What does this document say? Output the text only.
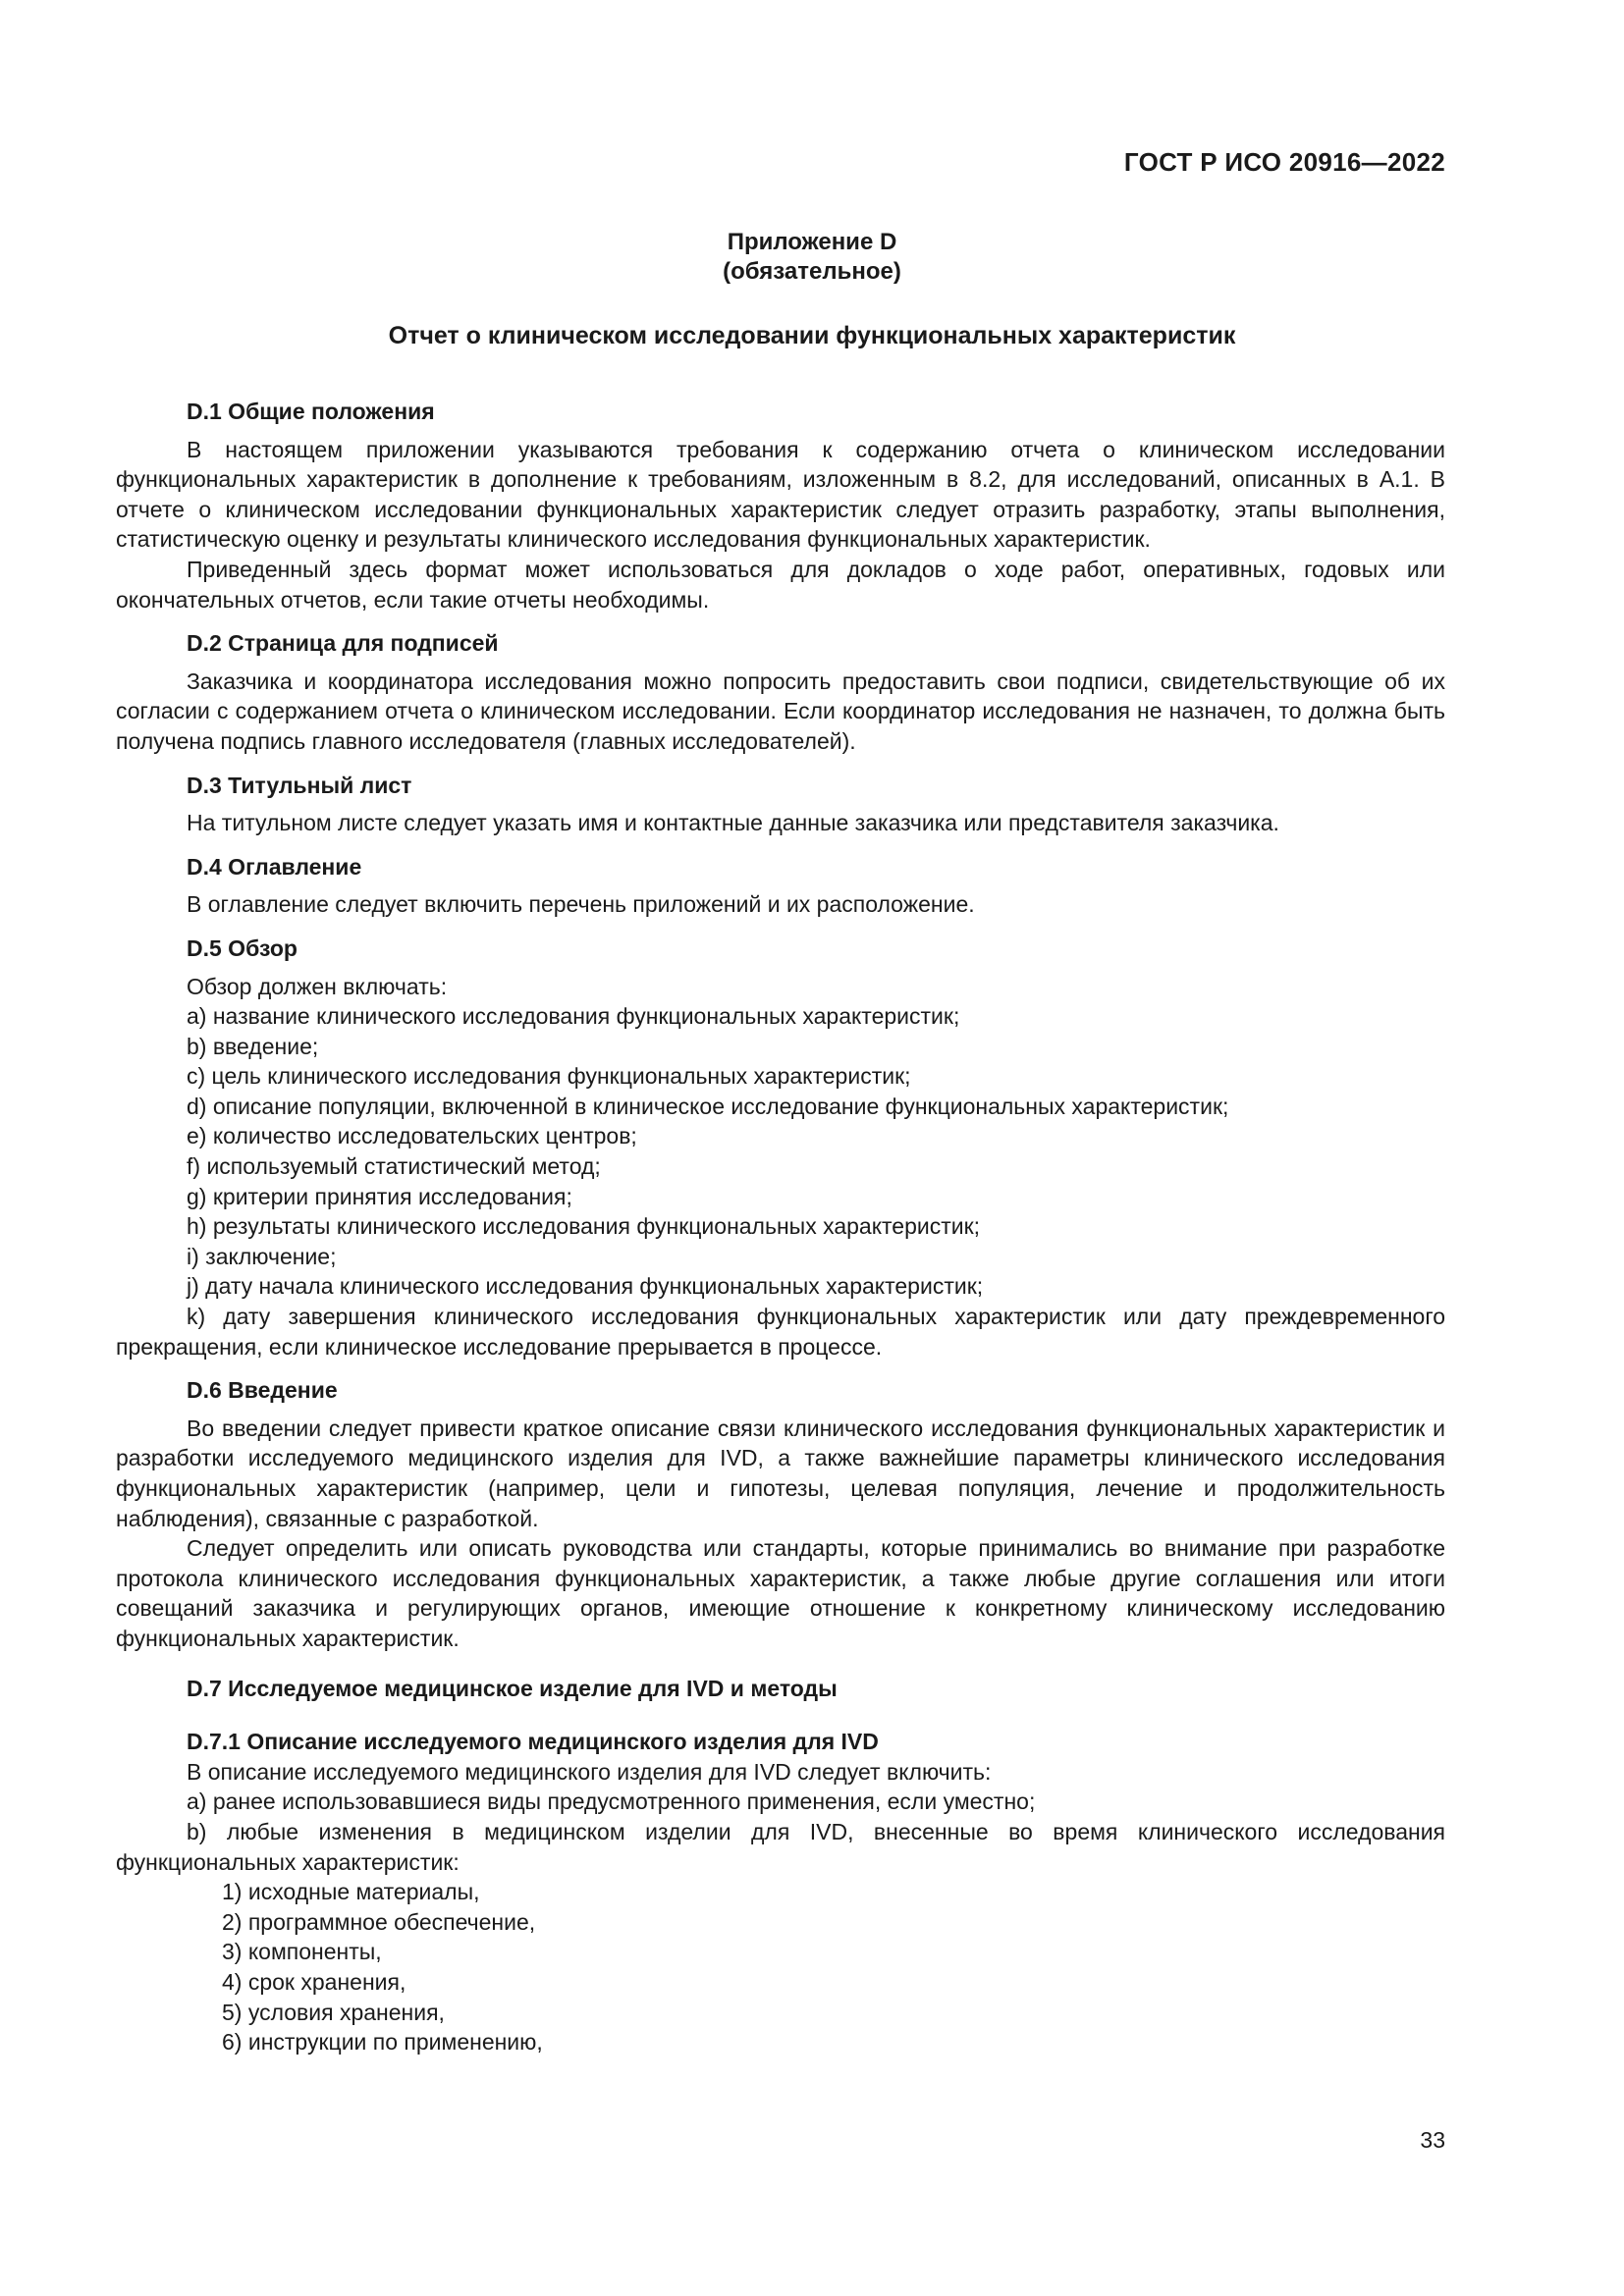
ГОСТ Р ИСО 20916—2022
Приложение D
(обязательное)
Отчет о клиническом исследовании функциональных характеристик
D.1 Общие положения

В настоящем приложении указываются требования к содержанию отчета о клиническом исследовании функциональных характеристик в дополнение к требованиям, изложенным в 8.2, для исследований, описанных в А.1. В отчете о клиническом исследовании функциональных характеристик следует отразить разработку, этапы выполнения, статистическую оценку и результаты клинического исследования функциональных характеристик.

Приведенный здесь формат может использоваться для докладов о ходе работ, оперативных, годовых или окончательных отчетов, если такие отчеты необходимы.

D.2 Страница для подписей

Заказчика и координатора исследования можно попросить предоставить свои подписи, свидетельствующие об их согласии с содержанием отчета о клиническом исследовании. Если координатор исследования не назначен, то должна быть получена подпись главного исследователя (главных исследователей).

D.3 Титульный лист

На титульном листе следует указать имя и контактные данные заказчика или представителя заказчика.

D.4 Оглавление

В оглавление следует включить перечень приложений и их расположение.

D.5 Обзор
Обзор должен включать:
a) название клинического исследования функциональных характеристик;
b) введение;
c) цель клинического исследования функциональных характеристик;
d) описание популяции, включенной в клиническое исследование функциональных характеристик;
e) количество исследовательских центров;
f) используемый статистический метод;
g) критерии принятия исследования;
h) результаты клинического исследования функциональных характеристик;
i) заключение;
j) дату начала клинического исследования функциональных характеристик;

k) дату завершения клинического исследования функциональных характеристик или дату преждевременного прекращения, если клиническое исследование прерывается в процессе.

D.6 Введение

Во введении следует привести краткое описание связи клинического исследования функциональных характеристик и разработки исследуемого медицинского изделия для IVD, а также важнейшие параметры клинического исследования функциональных характеристик (например, цели и гипотезы, целевая популяция, лечение и продолжительность наблюдения), связанные с разработкой.

Следует определить или описать руководства или стандарты, которые принимались во внимание при разработке протокола клинического исследования функциональных характеристик, а также любые другие соглашения или итоги совещаний заказчика и регулирующих органов, имеющие отношение к конкретному клиническому исследованию функциональных характеристик.

D.7 Исследуемое медицинское изделие для IVD и методы
D.7.1 Описание исследуемого медицинского изделия для IVD
В описание исследуемого медицинского изделия для IVD следует включить:
а) ранее использовавшиеся виды предусмотренного применения, если уместно;

b) любые изменения в медицинском изделии для IVD, внесенные во время клинического исследования функциональных характеристик:

1) исходные материалы,
2) программное обеспечение,
3) компоненты,
4) срок хранения,
5) условия хранения,
6) инструкции по применению,
33
